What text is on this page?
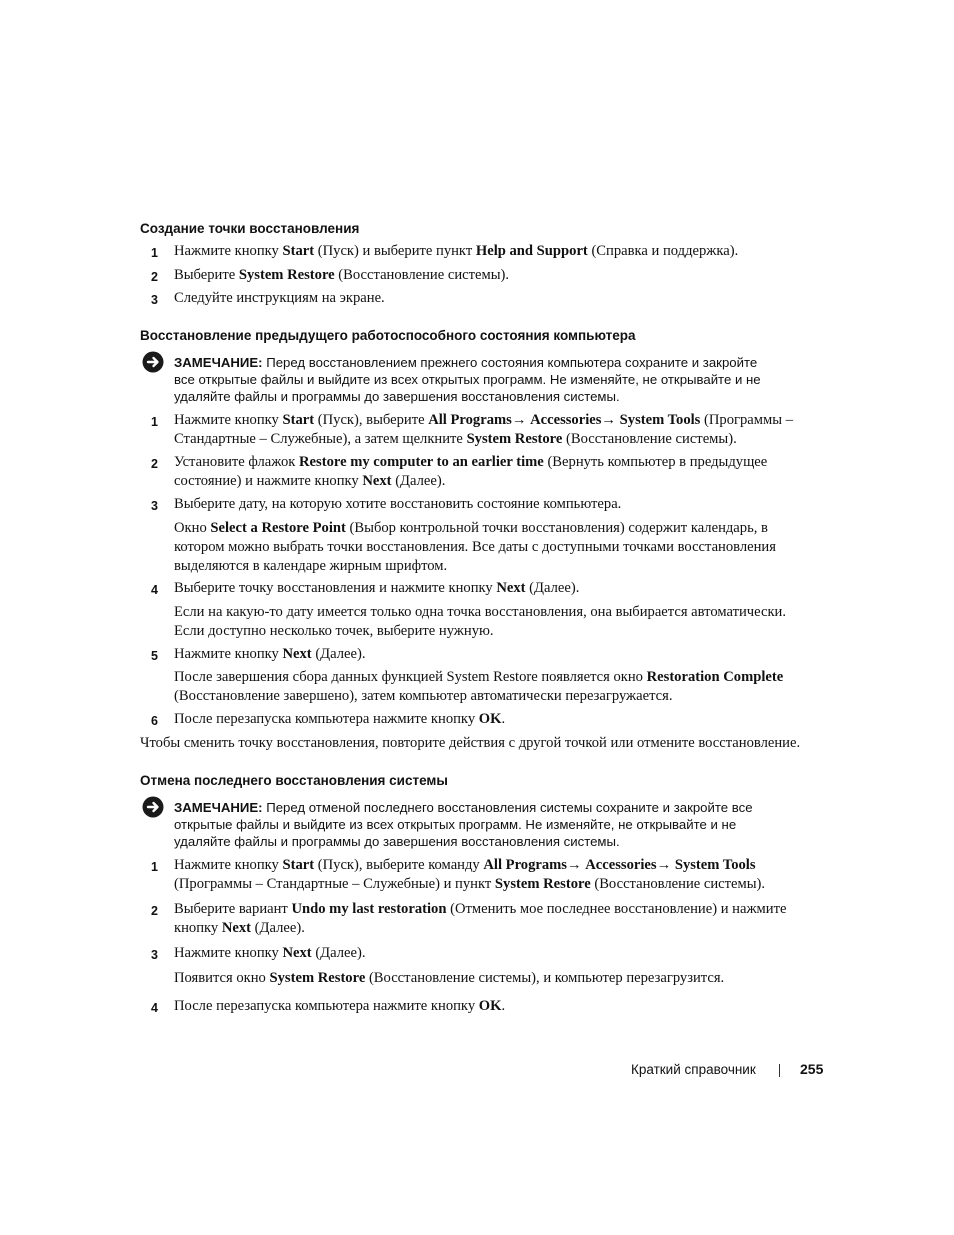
Создание точки восстановления
1 Нажмите кнопку Start (Пуск) и выберите пункт Help and Support (Справка и поддержка).
2 Выберите System Restore (Восстановление системы).
3 Следуйте инструкциям на экране.
Восстановление предыдущего работоспособного состояния компьютера
ЗАМЕЧАНИЕ: Перед восстановлением прежнего состояния компьютера сохраните и закройте
все открытые файлы и выйдите из всех открытых программ. Не изменяйте, не открывайте и не
удаляйте файлы и программы до завершения восстановления системы.
1 Нажмите кнопку Start (Пуск), выберите All Programs→ Accessories→ System Tools (Программы –
Стандартные – Служебные), а затем щелкните System Restore (Восстановление системы).
2 Установите флажок Restore my computer to an earlier time (Вернуть компьютер в предыдущее
состояние) и нажмите кнопку Next (Далее).
3 Выберите дату, на которую хотите восстановить состояние компьютера.
Окно Select a Restore Point (Выбор контрольной точки восстановления) содержит календарь, в
котором можно выбрать точки восстановления. Все даты с доступными точками восстановления
выделяются в календаре жирным шрифтом.
4 Выберите точку восстановления и нажмите кнопку Next (Далее).
Если на какую-то дату имеется только одна точка восстановления, она выбирается автоматически.
Если доступно несколько точек, выберите нужную.
5 Нажмите кнопку Next (Далее).
После завершения сбора данных функцией System Restore появляется окно Restoration Complete
(Восстановление завершено), затем компьютер автоматически перезагружается.
6 После перезапуска компьютера нажмите кнопку OK.
Чтобы сменить точку восстановления, повторите действия с другой точкой или отмените восстановление.
Отмена последнего восстановления системы
ЗАМЕЧАНИЕ: Перед отменой последнего восстановления системы сохраните и закройте все
открытые файлы и выйдите из всех открытых программ. Не изменяйте, не открывайте и не
удаляйте файлы и программы до завершения восстановления системы.
1 Нажмите кнопку Start (Пуск), выберите команду All Programs→ Accessories→ System Tools
(Программы – Стандартные – Служебные) и пункт System Restore (Восстановление системы).
2 Выберите вариант Undo my last restoration (Отменить мое последнее восстановление) и нажмите
кнопку Next (Далее).
3 Нажмите кнопку Next (Далее).
Появится окно System Restore (Восстановление системы), и компьютер перезагрузится.
4 После перезапуска компьютера нажмите кнопку OK.
Краткий справочник	255
